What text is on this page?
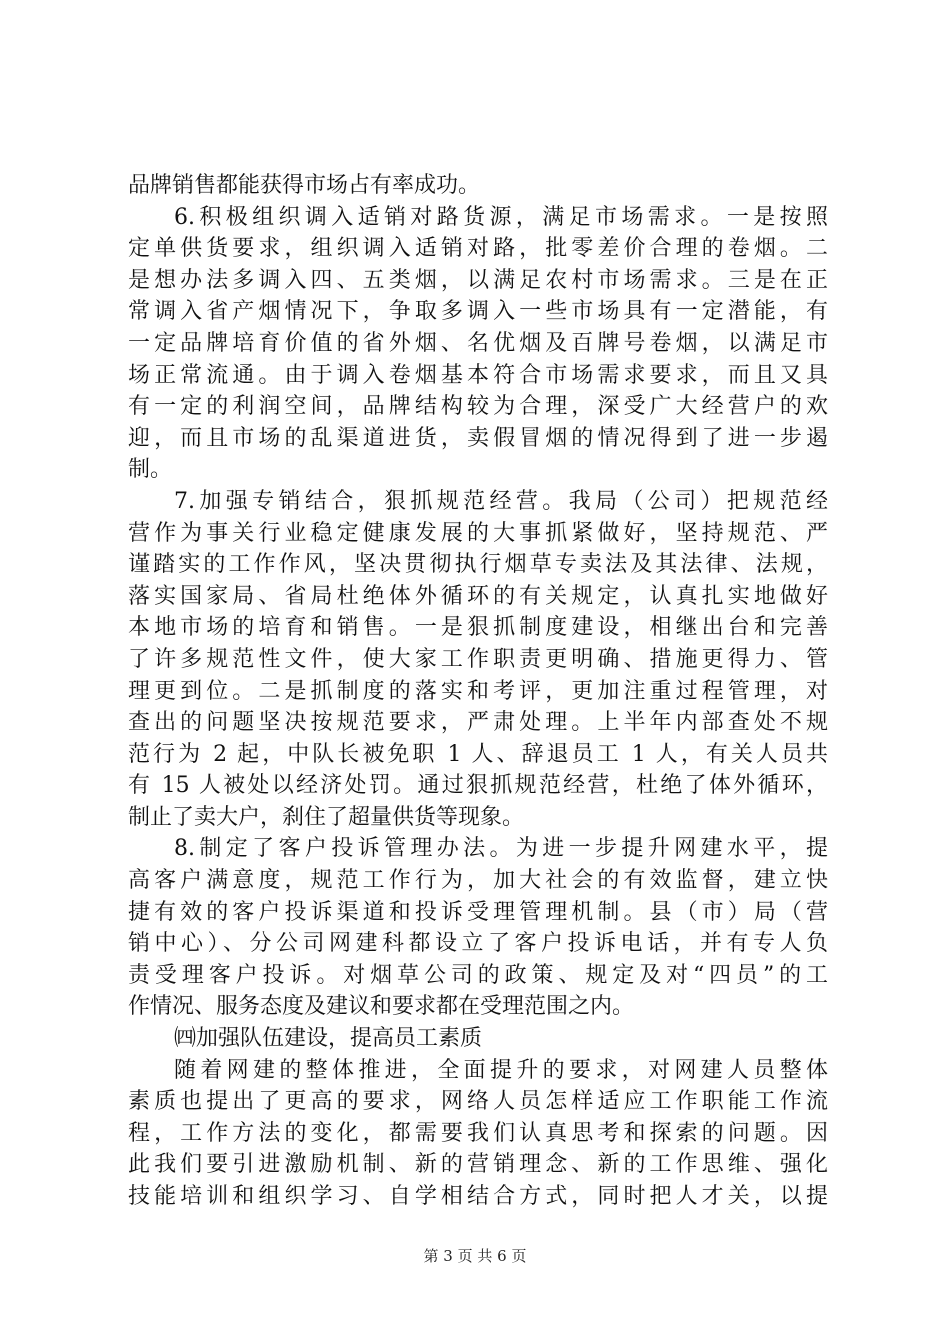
品牌销售都能获得市场占有率成功。
6.积极组织调入适销对路货源，满足市场需求。一是按照
定单供货要求，组织调入适销对路，批零差价合理的卷烟。二
是想办法多调入四、五类烟，以满足农村市场需求。三是在正
常调入省产烟情况下，争取多调入一些市场具有一定潜能，有
一定品牌培育价值的省外烟、名优烟及百牌号卷烟，以满足市
场正常流通。由于调入卷烟基本符合市场需求要求，而且又具
有一定的利润空间，品牌结构较为合理，深受广大经营户的欢
迎，而且市场的乱渠道进货，卖假冒烟的情况得到了进一步遏
制。
7.加强专销结合，狠抓规范经营。我局（公司）把规范经
营作为事关行业稳定健康发展的大事抓紧做好，坚持规范、严
谨踏实的工作作风，坚决贯彻执行烟草专卖法及其法律、法规，
落实国家局、省局杜绝体外循环的有关规定，认真扎实地做好
本地市场的培育和销售。一是狠抓制度建设，相继出台和完善
了许多规范性文件，使大家工作职责更明确、措施更得力、管
理更到位。二是抓制度的落实和考评，更加注重过程管理，对
查出的问题坚决按规范要求，严肃处理。上半年内部查处不规
范行为 2 起，中队长被免职 1 人、辞退员工 1 人，有关人员共
有 15 人被处以经济处罚。通过狠抓规范经营，杜绝了体外循环，
制止了卖大户，刹住了超量供货等现象。
8.制定了客户投诉管理办法。为进一步提升网建水平，提
高客户满意度，规范工作行为，加大社会的有效监督，建立快
捷有效的客户投诉渠道和投诉受理管理机制。县（市）局（营
销中心）、分公司网建科都设立了客户投诉电话，并有专人负
责受理客户投诉。对烟草公司的政策、规定及对“四员”的工
作情况、服务态度及建议和要求都在受理范围之内。
㈣加强队伍建设，提高员工素质
随着网建的整体推进，全面提升的要求，对网建人员整体
素质也提出了更高的要求，网络人员怎样适应工作职能工作流
程，工作方法的变化，都需要我们认真思考和探索的问题。因
此我们要引进激励机制、新的营销理念、新的工作思维、强化
技能培训和组织学习、自学相结合方式，同时把人才关，以提
第 3 页 共 6 页
